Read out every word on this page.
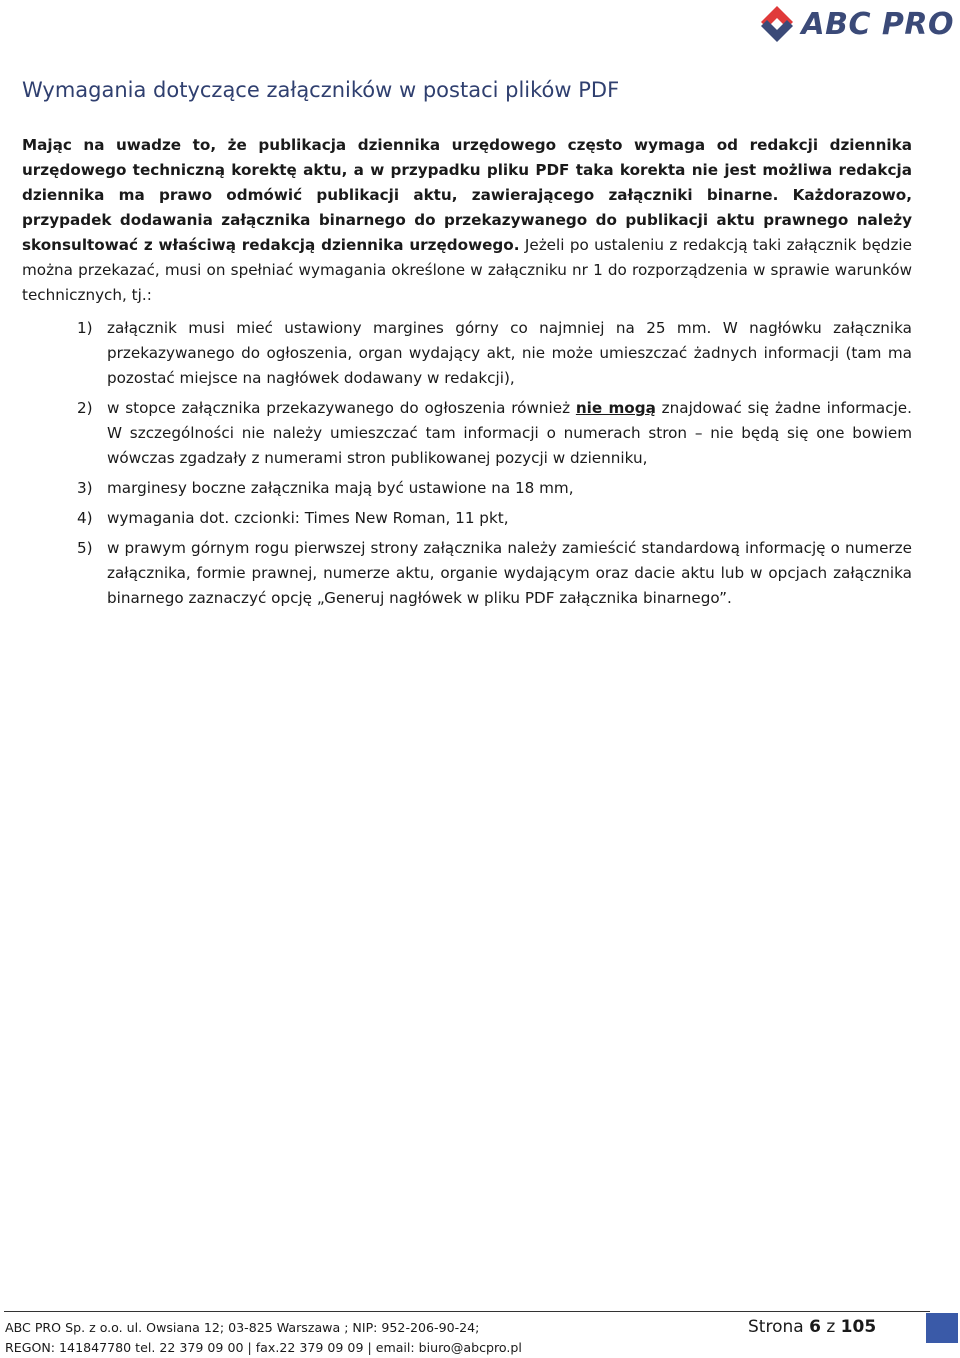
ABC PRO
Wymagania dotyczące załączników w postaci plików PDF

Mając na uwadze to, że publikacja dziennika urzędowego często wymaga od redakcji dziennika urzędowego techniczną korektę aktu, a w przypadku pliku PDF taka korekta nie jest możliwa redakcja dziennika ma prawo odmówić publikacji aktu, zawierającego załączniki binarne. Każdorazowo, przypadek dodawania załącznika binarnego do przekazywanego do publikacji aktu prawnego należy skonsultować z właściwą redakcją dziennika urzędowego. Jeżeli po ustaleniu z redakcją taki załącznik będzie można przekazać, musi on spełniać wymagania określone w załączniku nr 1 do rozporządzenia w sprawie warunków technicznych, tj.:

1) załącznik musi mieć ustawiony margines górny co najmniej na 25 mm. W nagłówku załącznika przekazywanego do ogłoszenia, organ wydający akt, nie może umieszczać żadnych informacji (tam ma pozostać miejsce na nagłówek dodawany w redakcji),
2) w stopce załącznika przekazywanego do ogłoszenia również nie mogą znajdować się żadne informacje. W szczególności nie należy umieszczać tam informacji o numerach stron – nie będą się one bowiem wówczas zgadzały z numerami stron publikowanej pozycji w dzienniku,
3) marginesy boczne załącznika mają być ustawione na 18 mm,
4) wymagania dot. czcionki: Times New Roman, 11 pkt,
5) w prawym górnym rogu pierwszej strony załącznika należy zamieścić standardową informację o numerze załącznika, formie prawnej, numerze aktu, organie wydającym oraz dacie aktu lub w opcjach załącznika binarnego zaznaczyć opcję „Generuj nagłówek w pliku PDF załącznika binarnego”.
ABC PRO Sp. z o.o. ul. Owsiana 12; 03-825 Warszawa ; NIP: 952-206-90-24;
REGON: 141847780 tel. 22 379 09 00 | fax.22 379 09 09 | email: biuro@abcpro.pl
Strona 6 z 105
